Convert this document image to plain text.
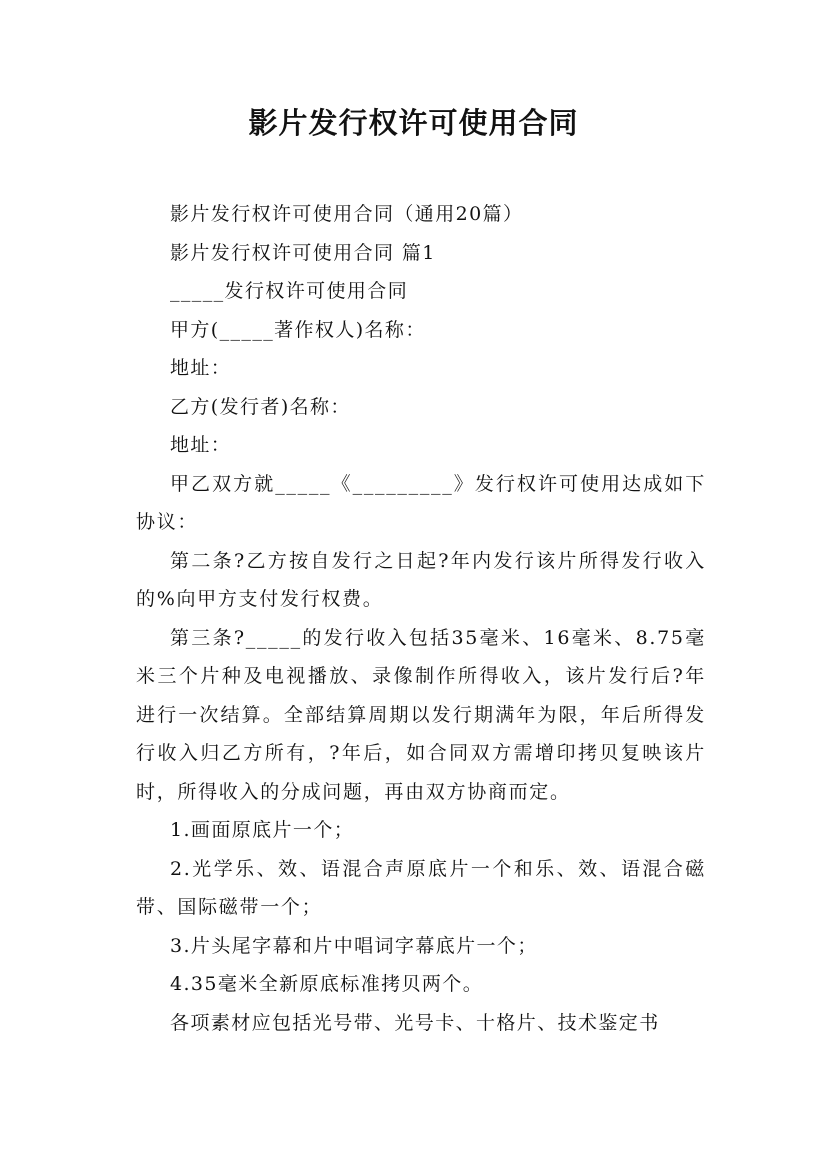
影片发行权许可使用合同

影片发行权许可使用合同（通用20篇）

影片发行权许可使用合同 篇1

_____发行权许可使用合同

甲方(_____著作权人)名称：

地址：

乙方(发行者)名称：

地址：

甲乙双方就_____《_________》发行权许可使用达成如下协议：

第二条?乙方按自发行之日起?年内发行该片所得发行收入的%向甲方支付发行权费。

第三条?_____的发行收入包括35毫米、16毫米、8.75毫米三个片种及电视播放、录像制作所得收入，该片发行后?年进行一次结算。全部结算周期以发行期满年为限，年后所得发行收入归乙方所有，?年后，如合同双方需增印拷贝复映该片时，所得收入的分成问题，再由双方协商而定。

1.画面原底片一个；

2.光学乐、效、语混合声原底片一个和乐、效、语混合磁带、国际磁带一个；

3.片头尾字幕和片中唱词字幕底片一个；

4.35毫米全新原底标准拷贝两个。

各项素材应包括光号带、光号卡、十格片、技术鉴定书
